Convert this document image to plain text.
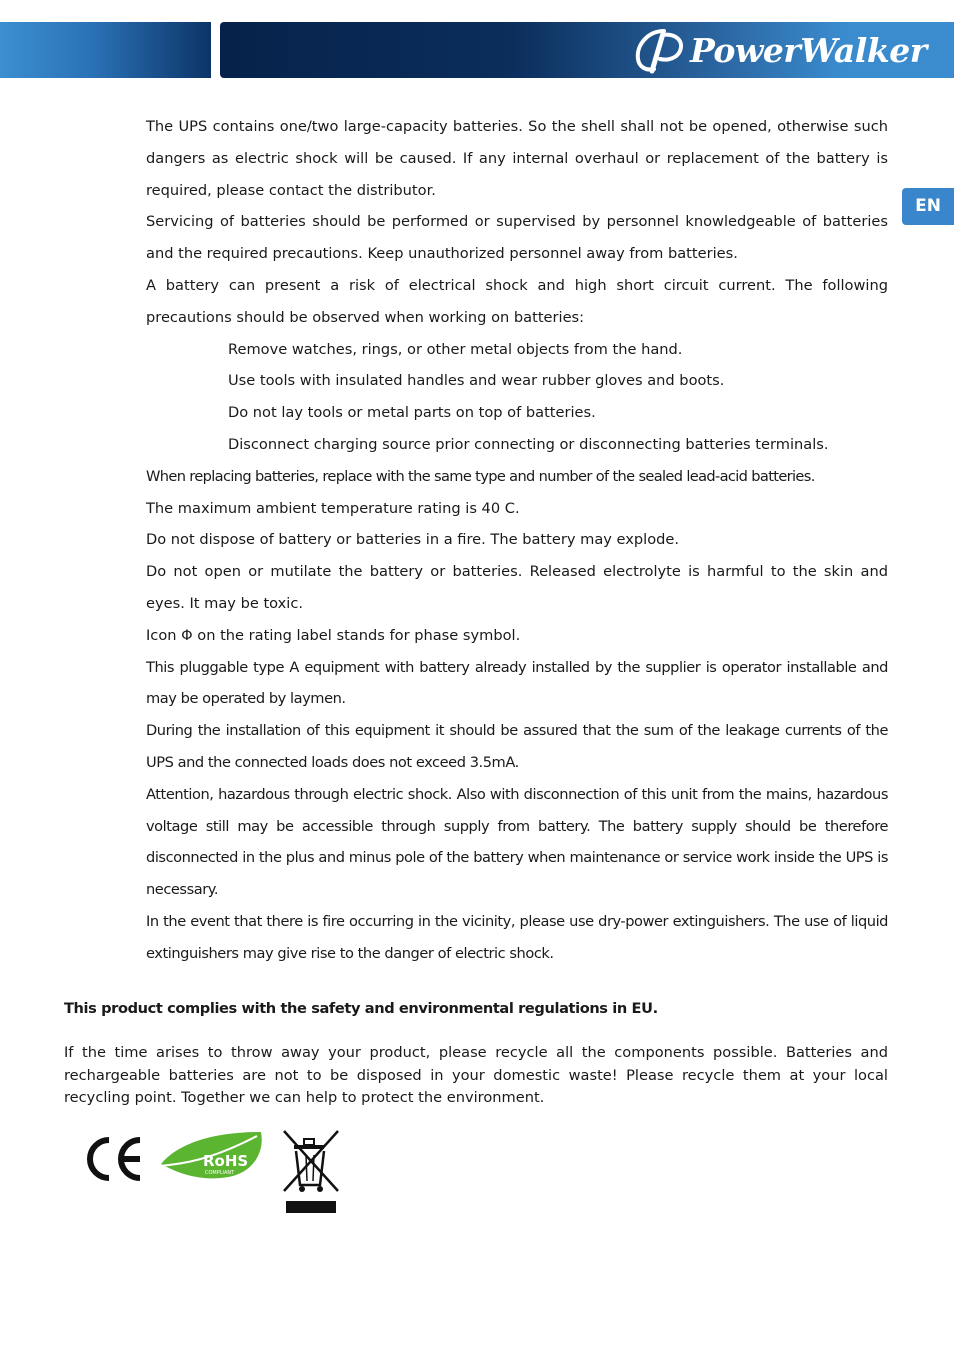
PowerWalker
EN

The UPS contains one/two large-capacity batteries. So the shell shall not be opened, otherwise such dangers as electric shock will be caused. If any internal overhaul or replacement of the battery is required, please contact the distributor.

Servicing of batteries should be performed or supervised by personnel knowledgeable of batteries and the required precautions. Keep unauthorized personnel away from batteries.

A battery can present a risk of electrical shock and high short circuit current. The following precautions should be observed when working on batteries:

Remove watches, rings, or other metal objects from the hand.

Use tools with insulated handles and wear rubber gloves and boots.

Do not lay tools or metal parts on top of batteries.

Disconnect charging source prior connecting or disconnecting batteries terminals.

When replacing batteries, replace with the same type and number of the sealed lead-acid batteries.

The maximum ambient temperature rating is 40 C.

Do not dispose of battery or batteries in a fire. The battery may explode.

Do not open or mutilate the battery or batteries. Released electrolyte is harmful to the skin and eyes. It may be toxic.

Icon Φ on the rating label stands for phase symbol.

This pluggable type A equipment with battery already installed by the supplier is operator installable and may be operated by laymen.

During the installation of this equipment it should be assured that the sum of the leakage currents of the UPS and the connected loads does not exceed 3.5mA.

Attention, hazardous through electric shock. Also with disconnection of this unit from the mains, hazardous voltage still may be accessible through supply from battery. The battery supply should be therefore disconnected in the plus and minus pole of the battery when maintenance or service work inside the UPS is necessary.

In the event that there is fire occurring in the vicinity, please use dry-power extinguishers. The use of liquid extinguishers may give rise to the danger of electric shock.

This product complies with the safety and environmental regulations in EU.

If the time arises to throw away your product, please recycle all the components possible. Batteries and rechargeable batteries are not to be disposed in your domestic waste! Please recycle them at your local recycling point. Together we can help to protect the environment.

CE
RoHS
COMPLIANT
